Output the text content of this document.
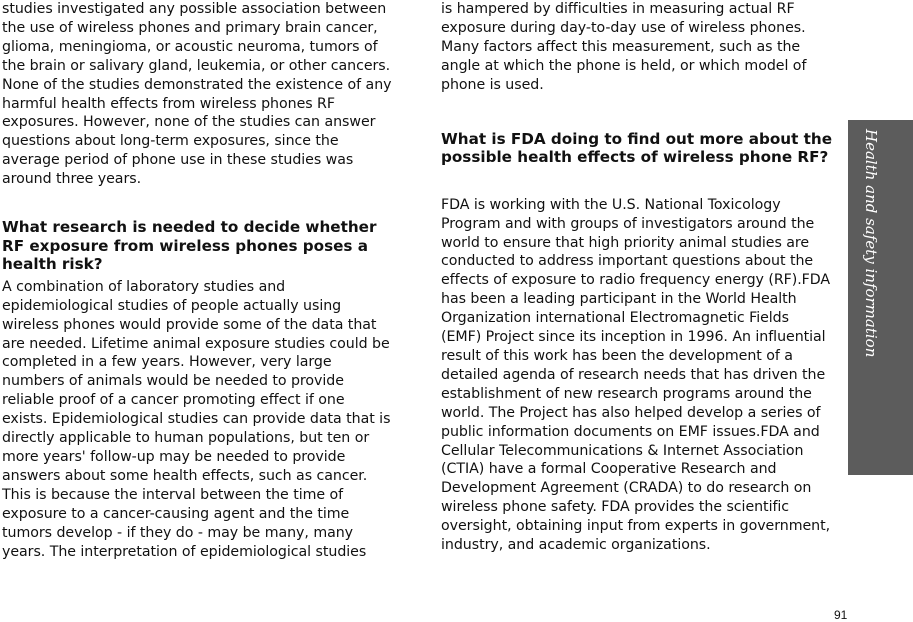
studies investigated any possible association between the use of wireless phones and primary brain cancer, glioma, meningioma, or acoustic neuroma, tumors of the brain or salivary gland, leukemia, or other cancers. None of the studies demonstrated the existence of any harmful health effects from wireless phones RF exposures. However, none of the studies can answer questions about long-term exposures, since the average period of phone use in these studies was around three years.

What research is needed to decide whether RF exposure from wireless phones poses a health risk?

A combination of laboratory studies and epidemiological studies of people actually using wireless phones would provide some of the data that are needed. Lifetime animal exposure studies could be completed in a few years. However, very large numbers of animals would be needed to provide reliable proof of a cancer promoting effect if one exists. Epidemiological studies can provide data that is directly applicable to human populations, but ten or more years' follow-up may be needed to provide answers about some health effects, such as cancer. This is because the interval between the time of exposure to a cancer-causing agent and the time tumors develop - if they do - may be many, many years. The interpretation of epidemiological studies

is hampered by difficulties in measuring actual RF exposure during day-to-day use of wireless phones. Many factors affect this measurement, such as the angle at which the phone is held, or which model of phone is used.

What is FDA doing to find out more about the possible health effects of wireless phone RF?

FDA is working with the U.S. National Toxicology Program and with groups of investigators around the world to ensure that high priority animal studies are conducted to address important questions about the effects of exposure to radio frequency energy (RF).FDA has been a leading participant in the World Health Organization international Electromagnetic Fields (EMF) Project since its inception in 1996. An influential result of this work has been the development of a detailed agenda of research needs that has driven the establishment of new research programs around the world. The Project has also helped develop a series of public information documents on EMF issues.FDA and Cellular Telecommunications & Internet Association (CTIA) have a formal Cooperative Research and Development Agreement (CRADA) to do research on wireless phone safety. FDA provides the scientific oversight, obtaining input from experts in government, industry, and academic organizations.

Health and safety information
91
